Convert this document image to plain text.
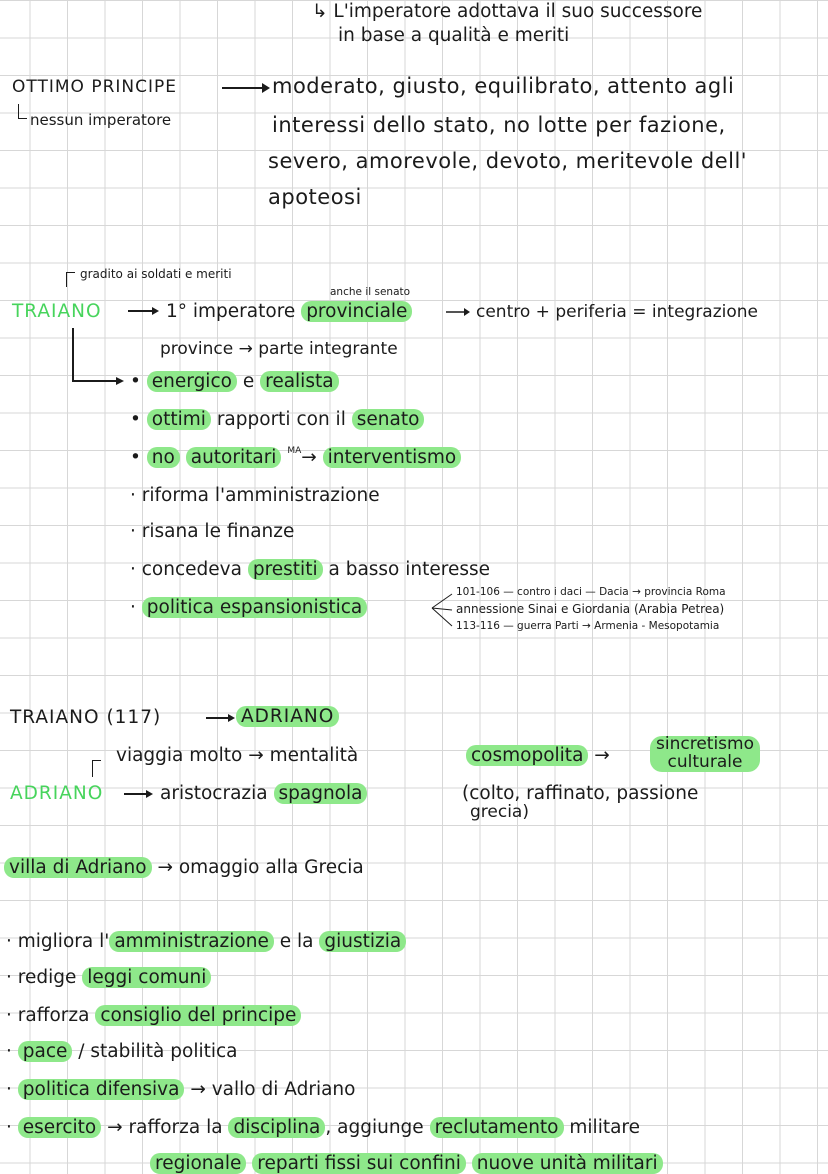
↳ L'imperatore adottava il suo successore
in base a qualità e meriti
OTTIMO PRINCIPE
nessun imperatore
moderato, giusto, equilibrato, attento agli
interessi dello stato, no lotte per fazione,
severo, amorevole, devoto, meritevole dell'
apoteosi
gradito ai soldati e meriti
anche il senato
TRAIANO	1° imperatore provinciale	centro + periferia = integrazione
province → parte integrante
• energico e realista
• ottimi rapporti con il senato
• no autoritari $^{MA}$→ interventismo
· riforma l'amministrazione
· risana le finanze
· concedeva prestiti a basso interesse
· politica espansionistica
101-106 — contro i daci — Dacia → provincia Roma
annessione Sinai e Giordania (Arabia Petrea)
113-116 — guerra Parti → Armenia - Mesopotamia
TRAIANO (117)	ADRIANO
viaggia molto → mentalità	cosmopolita →
sincretismo
culturale
ADRIANO	aristocrazia spagnola	(colto, raffinato, passione
grecia)
villa di Adriano → omaggio alla Grecia
· migliora l' amministrazione e la giustizia
· redige leggi comuni
· rafforza consiglio del principe
· pace / stabilità politica
· politica difensiva → vallo di Adriano
· esercito → rafforza la disciplina , aggiunge reclutamento militare
regionale reparti fissi sui confini nuove unità militari
